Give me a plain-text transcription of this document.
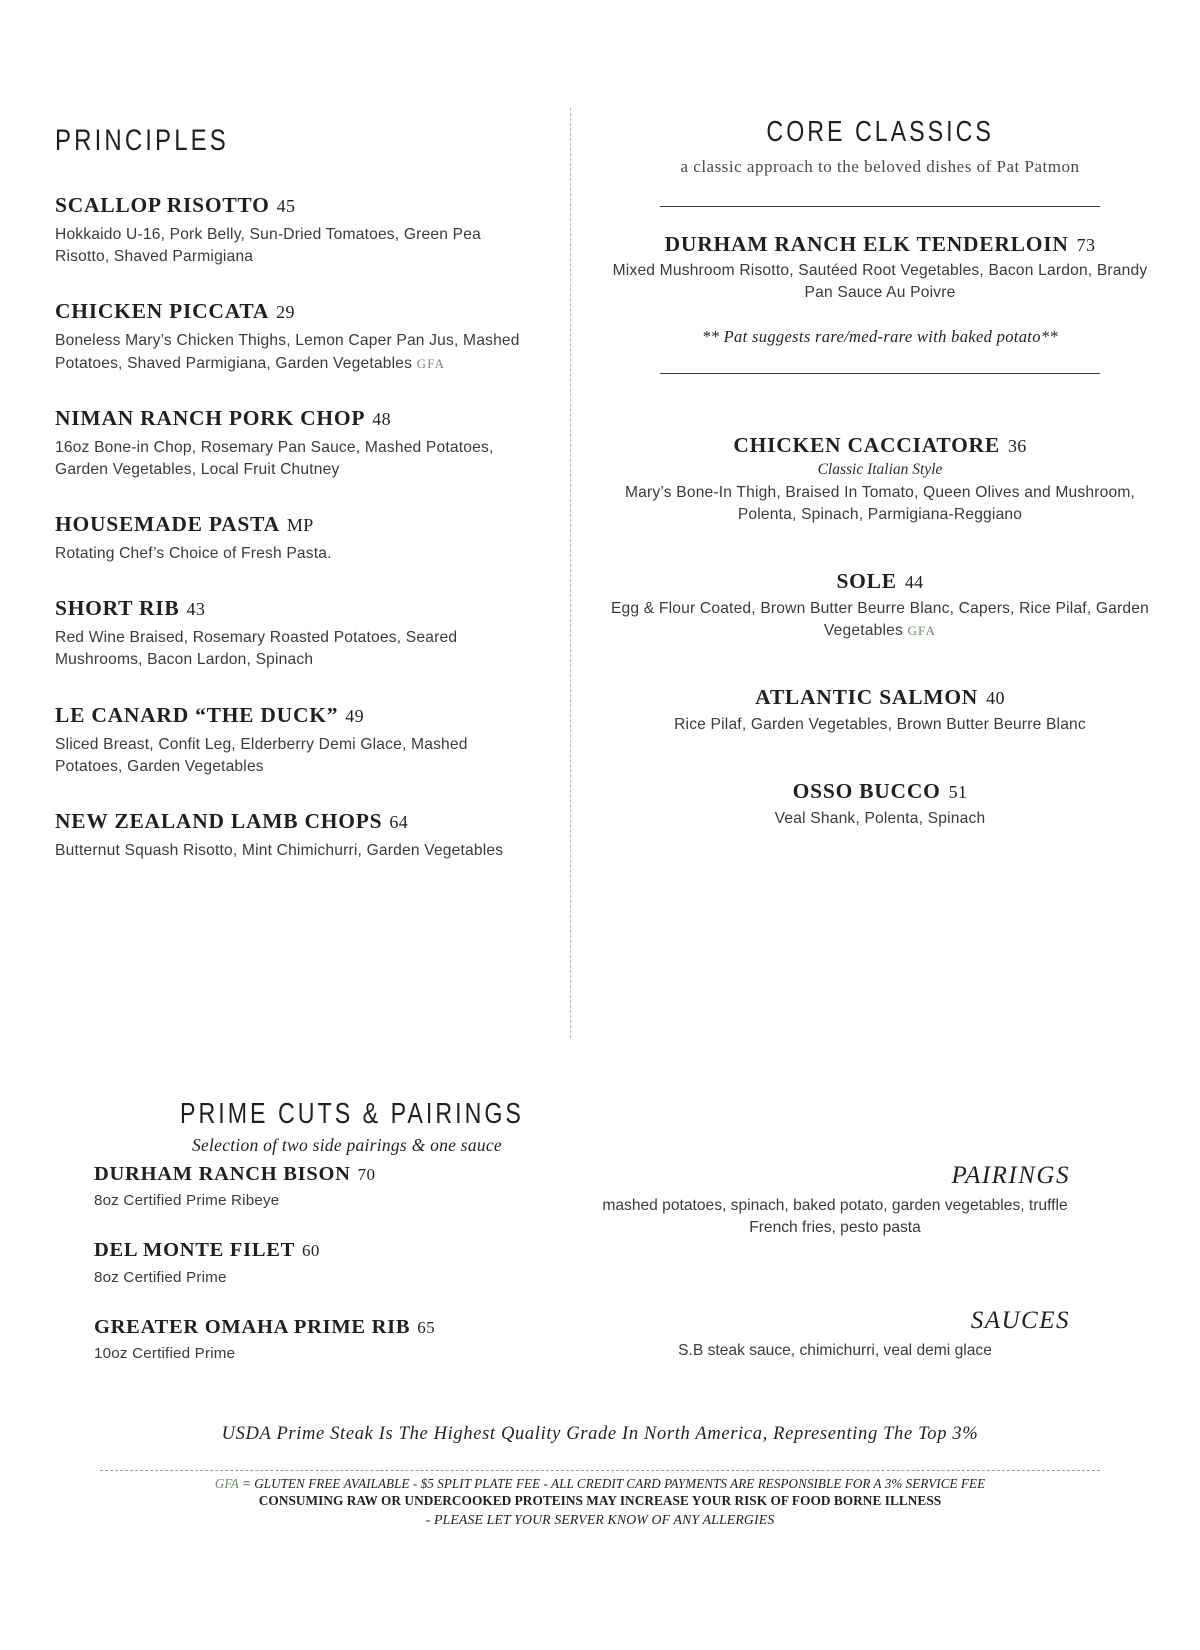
PRINCIPLES
SCALLOP RISOTTO 45
Hokkaido U-16, Pork Belly, Sun-Dried Tomatoes, Green Pea Risotto, Shaved Parmigiana
CHICKEN PICCATA 29
Boneless Mary’s Chicken Thighs, Lemon Caper Pan Jus, Mashed Potatoes, Shaved Parmigiana, Garden Vegetables GFA
NIMAN RANCH PORK CHOP 48
16oz Bone-in Chop, Rosemary Pan Sauce, Mashed Potatoes, Garden Vegetables, Local Fruit Chutney
HOUSEMADE PASTA MP
Rotating Chef’s Choice of Fresh Pasta.
SHORT RIB 43
Red Wine Braised, Rosemary Roasted Potatoes, Seared Mushrooms, Bacon Lardon, Spinach
LE CANARD “THE DUCK” 49
Sliced Breast, Confit Leg, Elderberry Demi Glace, Mashed Potatoes, Garden Vegetables
NEW ZEALAND LAMB CHOPS 64
Butternut Squash Risotto, Mint Chimichurri, Garden Vegetables
CORE CLASSICS
a classic approach to the beloved dishes of Pat Patmon
DURHAM RANCH ELK TENDERLOIN 73
Mixed Mushroom Risotto, Sautéed Root Vegetables, Bacon Lardon, Brandy Pan Sauce Au Poivre
** Pat suggests rare/med-rare with baked potato**
CHICKEN CACCIATORE 36
Classic Italian Style
Mary’s Bone-In Thigh, Braised In Tomato, Queen Olives and Mushroom, Polenta, Spinach, Parmigiana-Reggiano
SOLE 44
Egg & Flour Coated, Brown Butter Beurre Blanc, Capers, Rice Pilaf, Garden Vegetables GFA
ATLANTIC SALMON 40
Rice Pilaf, Garden Vegetables, Brown Butter Beurre Blanc
OSSO BUCCO 51
Veal Shank, Polenta, Spinach
PRIME CUTS & PAIRINGS
Selection of two side pairings & one sauce
DURHAM RANCH BISON 70
8oz Certified Prime Ribeye
DEL MONTE FILET 60
8oz Certified Prime
GREATER OMAHA PRIME RIB 65
10oz Certified Prime
PAIRINGS
mashed potatoes, spinach, baked potato, garden vegetables, truffle French fries, pesto pasta
SAUCES
S.B steak sauce, chimichurri, veal demi glace
USDA Prime Steak Is The Highest Quality Grade In North America, Representing The Top 3%
GFA = GLUTEN FREE AVAILABLE - $5 SPLIT PLATE FEE - ALL CREDIT CARD PAYMENTS ARE RESPONSIBLE FOR A 3% SERVICE FEE
CONSUMING RAW OR UNDERCOOKED PROTEINS MAY INCREASE YOUR RISK OF FOOD BORNE ILLNESS
- PLEASE LET YOUR SERVER KNOW OF ANY ALLERGIES
